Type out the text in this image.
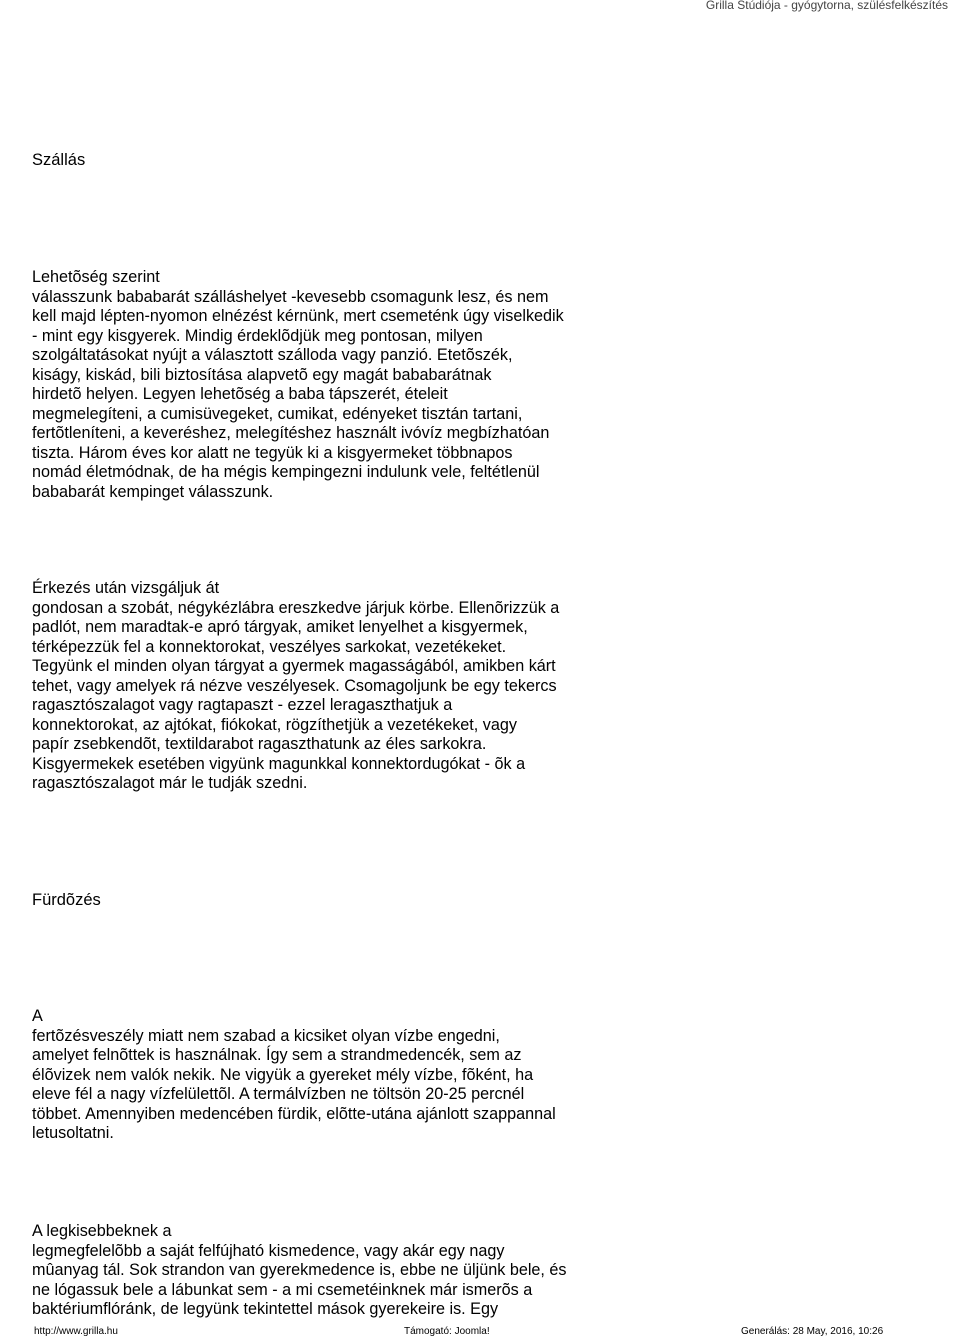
Grilla Stúdiója - gyógytorna, szülésfelkészítés

Szállás

Lehetõség szerint
válasszunk bababarát szálláshelyet -kevesebb csomagunk lesz, és nem
kell majd lépten-nyomon elnézést kérnünk, mert csemeténk úgy viselkedik
- mint egy kisgyerek. Mindig érdeklõdjük meg pontosan, milyen
szolgáltatásokat nyújt a választott szálloda vagy panzió. Etetõszék,
kiságy, kiskád, bili biztosítása alapvetõ egy magát bababarátnak
hirdetõ helyen. Legyen lehetõség a baba tápszerét, ételeit
megmelegíteni, a cumisüvegeket, cumikat, edényeket tisztán tartani,
fertõtleníteni, a keveréshez, melegítéshez használt ivóvíz megbízhatóan
tiszta. Három éves kor alatt ne tegyük ki a kisgyermeket többnapos
nomád életmódnak, de ha mégis kempingezni indulunk vele, feltétlenül
bababarát kempinget válasszunk.

Érkezés után vizsgáljuk át
gondosan a szobát, négykézlábra ereszkedve járjuk körbe. Ellenõrizzük a
padlót, nem maradtak-e apró tárgyak, amiket lenyelhet a kisgyermek,
térképezzük fel a konnektorokat, veszélyes sarkokat, vezetékeket.
Tegyünk el minden olyan tárgyat a gyermek magasságából, amikben kárt
tehet, vagy amelyek rá nézve veszélyesek. Csomagoljunk be egy tekercs
ragasztószalagot vagy ragtapaszt - ezzel leragaszthatjuk a
konnektorokat, az ajtókat, fiókokat, rögzíthetjük a vezetékeket, vagy
papír zsebkendõt, textildarabot ragaszthatunk az éles sarkokra.
Kisgyermekek esetében vigyünk magunkkal konnektordugókat - õk a
ragasztószalagot már le tudják szedni.

Fürdõzés

A
fertõzésveszély miatt nem szabad a kicsiket olyan vízbe engedni,
amelyet felnõttek is használnak. Így sem a strandmedencék, sem az
élõvizek nem valók nekik. Ne vigyük a gyereket mély vízbe, fõként, ha
eleve fél a nagy vízfelülettõl. A termálvízben ne töltsön 20-25 percnél
többet. Amennyiben medencében fürdik, elõtte-utána ajánlott szappannal
letusoltatni.

A legkisebbeknek a
legmegfelelõbb a saját felfújható kismedence, vagy akár egy nagy
mûanyag tál. Sok strandon van gyerekmedence is, ebbe ne üljünk bele, és
ne lógassuk bele a lábunkat sem - a mi csemetéinknek már ismerõs a
baktériumflóránk, de legyünk tekintettel mások gyerekeire is. Egy

http://www.grilla.hu	Támogató: Joomla!	Generálás: 28 May, 2016, 10:26
